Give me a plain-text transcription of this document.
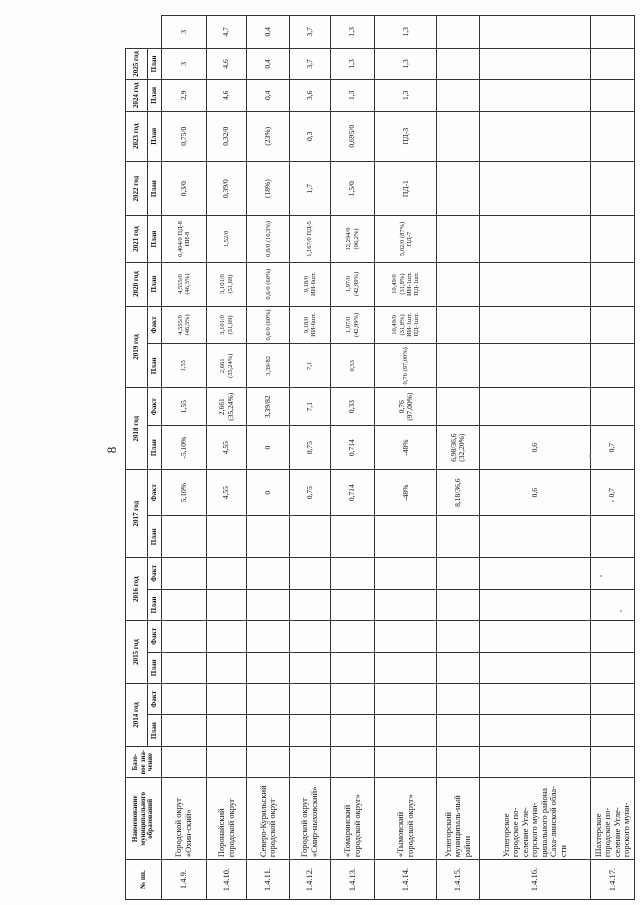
8
№ пп.	Наименование муниципального образований	Базо-вое зна-чение	2014 год		2015 год		2016 год		2017 год		2018 год		2019 год		2020 год	2021 год	2022 год	2023 год	2024 год	2025 год	
			План	Факт	План	Факт	План	Факт	План	Факт	План	Факт	План	Факт	План	План	План	План	План	План	
1.4.9.	Городской округ «Охин-ский»									5,10%	-5,10%	1,55	1,55	4,555/0 (46,3%)	4,555/0 (46,3%)	0,404/0 ПД-8 ИИ-8	0,3/0	0,75/0	2,9	3	3
1.4.10.	Поронайский городской округ									4,55	4,55	2,661 (35,24%)	2,661 (35,24%)	3,101/0 (51,69)	3,101/0 (51,69)	1,52/0	0,39/0	0,32/0	4,6	4,6	4,7
1.4.11.	Северо-Курильский городской округ									0	0	3,39/82	3,39/82	0,6/0 (60%)	0,6/0 (60%)	0,8/0 (16,3%)	(18%)	(23%)	0,4	0,4	0,4
1.4.12.	Городской округ «Смир-ныховский»									0,75	0,75	7,1	7,1	9,18/0 ИИ-6шт.	9,18/0 ИИ-6шт.	1,167/0 ПД-5	1,7	0,3	3,6	3,7	3,7
1.4.13.	«Томаринский городской округ»									0,714	0,714	0,33	0,33	1,97/0 (42,99%)	1,97/0 (42,99%)	12,294/0 (96,2%)	1,5/0	0,695/0	1,3	1,3	1,3
1.4.14.	«Тымовский городской округ»									-48%	-48%	0,76 (97,00%)	0,76 (97,00%)	10,49/0 (31,8%) ИИ-1шт. ПД-1шт.	10,49/0 (31,8%) ИИ-1шт. ПД-1шт.	5,02/0 (87%) ПД-7	ПД-1	ПД-3	1,3	1,3	1,3
1.4.15.	Углегорский муниципаль-ный район									8,18/36,6	6,98/36,6 (32,20%)										
1.4.16.	Углегорское городское по-селение Угле-горского муни-ципального района Саха-линской обла-сти									0,6	0,6										
1.4.17.	Шахтерское городское по-селение Угле-горского муни-									0,7	0,7										
